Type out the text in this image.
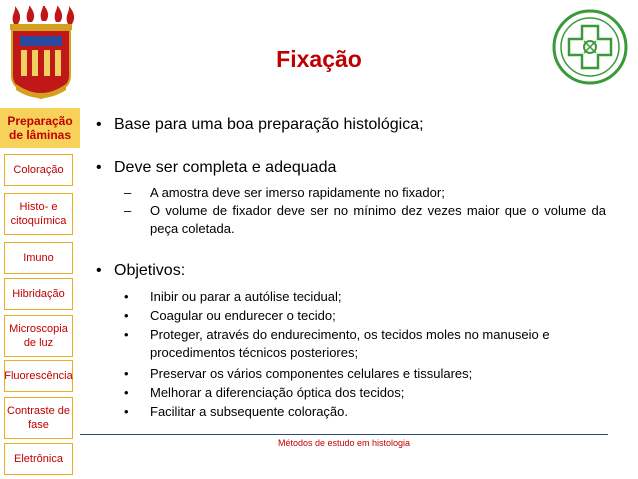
Fixação
Preparação de lâminas
Coloração
Histo- e citoquímica
Imuno
Hibridação
Microscopia de luz
Fluorescência
Contraste de fase
Eletrônica
• Base para uma boa preparação histológica;
• Deve ser completa e adequada
–	A amostra deve ser imerso rapidamente no fixador;
–	O volume de fixador deve ser no mínimo dez vezes maior que o volume da peça coletada.
• Objetivos:
•	Inibir ou parar a autólise tecidual;
•	Coagular ou endurecer o tecido;
•	Proteger, através do endurecimento, os tecidos moles no manuseio e procedimentos técnicos posteriores;
•	Preservar os vários componentes celulares e tissulares;
•	Melhorar a diferenciação óptica dos tecidos;
•	Facilitar a subsequente coloração.
Métodos de estudo em histologia
